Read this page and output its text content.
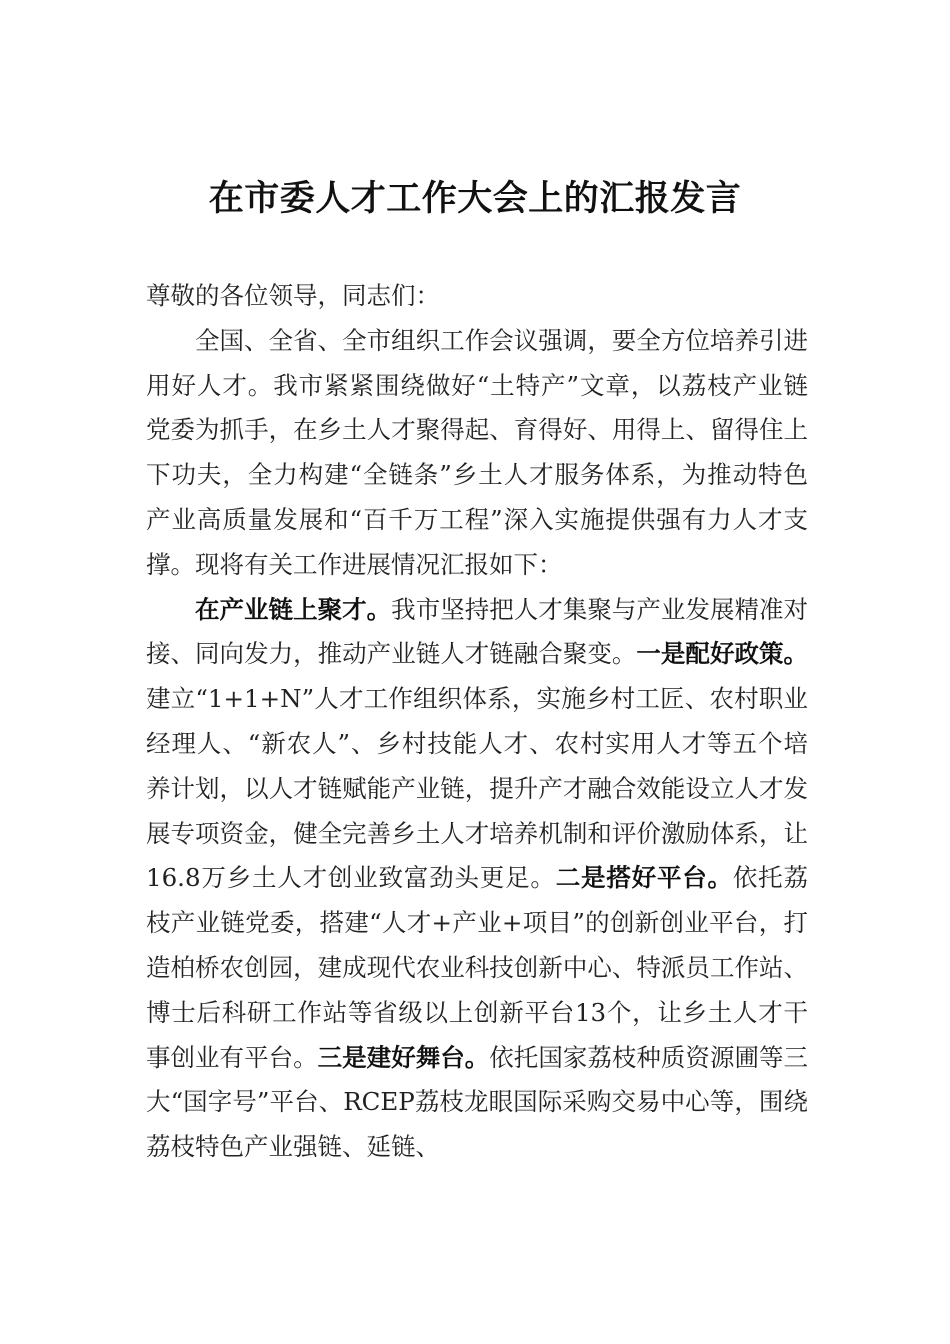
在市委人才工作大会上的汇报发言

尊敬的各位领导，同志们：

全国、全省、全市组织工作会议强调，要全方位培养引进用好人才。我市紧紧围绕做好“土特产”文章，以荔枝产业链党委为抓手，在乡土人才聚得起、育得好、用得上、留得住上下功夫，全力构建“全链条”乡土人才服务体系，为推动特色产业高质量发展和“百千万工程”深入实施提供强有力人才支撑。现将有关工作进展情况汇报如下：

在产业链上聚才。我市坚持把人才集聚与产业发展精准对接、同向发力，推动产业链人才链融合聚变。一是配好政策。建立“1+1+N”人才工作组织体系，实施乡村工匠、农村职业经理人、“新农人”、乡村技能人才、农村实用人才等五个培养计划，以人才链赋能产业链，提升产才融合效能设立人才发展专项资金，健全完善乡土人才培养机制和评价激励体系，让16.8万乡土人才创业致富劲头更足。二是搭好平台。依托荔枝产业链党委，搭建“人才+产业+项目”的创新创业平台，打造柏桥农创园，建成现代农业科技创新中心、特派员工作站、博士后科研工作站等省级以上创新平台13个，让乡土人才干事创业有平台。三是建好舞台。依托国家荔枝种质资源圃等三大“国字号”平台、RCEP荔枝龙眼国际采购交易中心等，围绕荔枝特色产业强链、延链、
